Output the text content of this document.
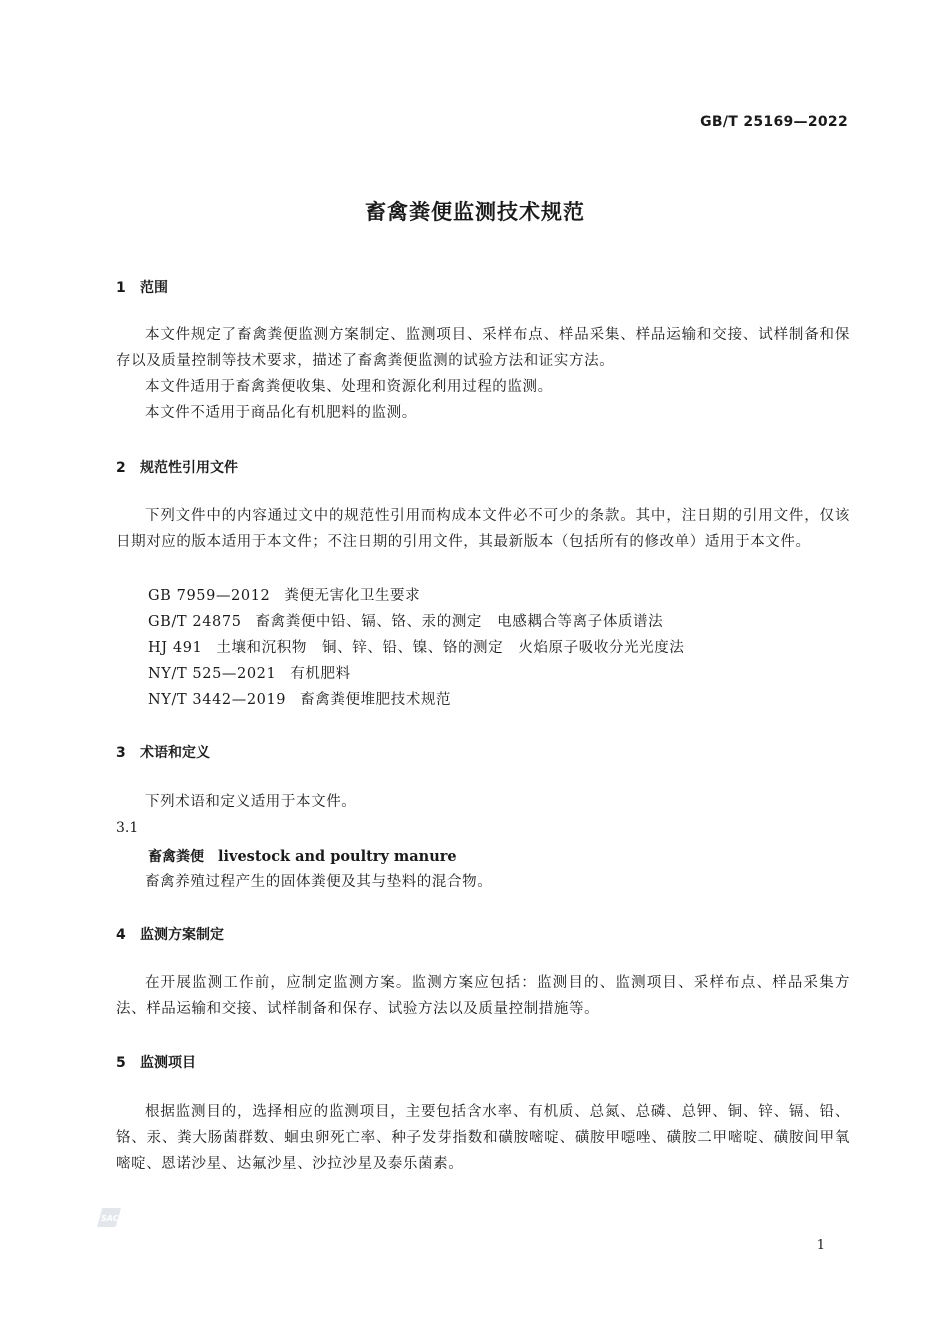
GB/T 25169—2022
畜禽粪便监测技术规范
1 范围
本文件规定了畜禽粪便监测方案制定、监测项目、采样布点、样品采集、样品运输和交接、试样制备和保存以及质量控制等技术要求，描述了畜禽粪便监测的试验方法和证实方法。
本文件适用于畜禽粪便收集、处理和资源化利用过程的监测。
本文件不适用于商品化有机肥料的监测。
2 规范性引用文件
下列文件中的内容通过文中的规范性引用而构成本文件必不可少的条款。其中，注日期的引用文件，仅该日期对应的版本适用于本文件；不注日期的引用文件，其最新版本（包括所有的修改单）适用于本文件。
GB 7959—2012 粪便无害化卫生要求
GB/T 24875 畜禽粪便中铅、镉、铬、汞的测定　电感耦合等离子体质谱法
HJ 491 土壤和沉积物　铜、锌、铅、镍、铬的测定　火焰原子吸收分光光度法
NY/T 525—2021 有机肥料
NY/T 3442—2019 畜禽粪便堆肥技术规范
3 术语和定义
下列术语和定义适用于本文件。
3.1
畜禽粪便 livestock and poultry manure
畜禽养殖过程产生的固体粪便及其与垫料的混合物。
4 监测方案制定
在开展监测工作前，应制定监测方案。监测方案应包括：监测目的、监测项目、采样布点、样品采集方法、样品运输和交接、试样制备和保存、试验方法以及质量控制措施等。
5 监测项目
根据监测目的，选择相应的监测项目，主要包括含水率、有机质、总氮、总磷、总钾、铜、锌、镉、铅、铬、汞、粪大肠菌群数、蛔虫卵死亡率、种子发芽指数和磺胺嘧啶、磺胺甲噁唑、磺胺二甲嘧啶、磺胺间甲氧嘧啶、恩诺沙星、达氟沙星、沙拉沙星及泰乐菌素。
SAC
1
